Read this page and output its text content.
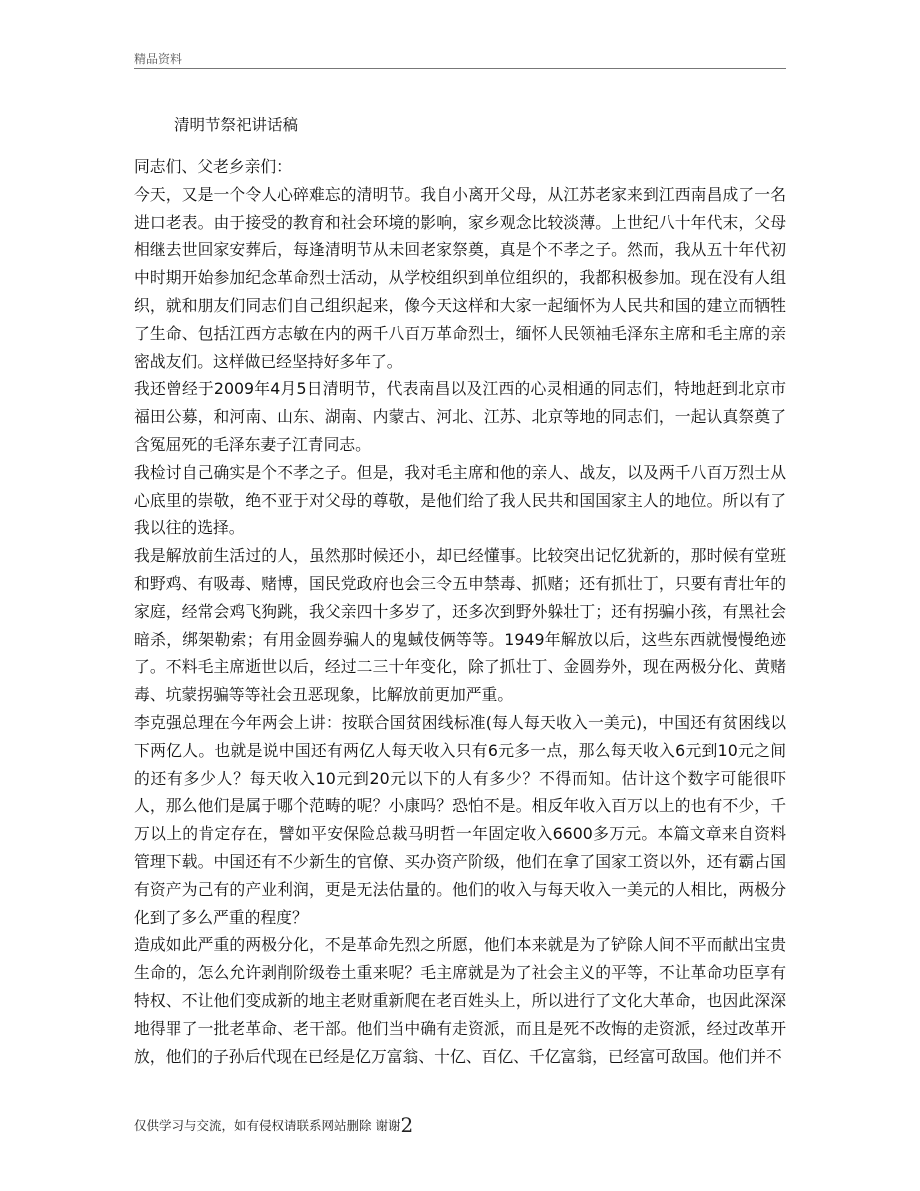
精品资料
清明节祭祀讲话稿

同志们、父老乡亲们：

今天，又是一个令人心碎难忘的清明节。我自小离开父母，从江苏老家来到江西南昌成了一名进口老表。由于接受的教育和社会环境的影响，家乡观念比较淡薄。上世纪八十年代末，父母相继去世回家安葬后，每逢清明节从未回老家祭奠，真是个不孝之子。然而，我从五十年代初中时期开始参加纪念革命烈士活动，从学校组织到单位组织的，我都积极参加。现在没有人组织，就和朋友们同志们自己组织起来，像今天这样和大家一起缅怀为人民共和国的建立而牺牲了生命、包括江西方志敏在内的两千八百万革命烈士，缅怀人民领袖毛泽东主席和毛主席的亲密战友们。这样做已经坚持好多年了。

我还曾经于2009年4月5日清明节，代表南昌以及江西的心灵相通的同志们，特地赶到北京市福田公募，和河南、山东、湖南、内蒙古、河北、江苏、北京等地的同志们，一起认真祭奠了含冤屈死的毛泽东妻子江青同志。

我检讨自己确实是个不孝之子。但是，我对毛主席和他的亲人、战友，以及两千八百万烈士从心底里的崇敬，绝不亚于对父母的尊敬，是他们给了我人民共和国国家主人的地位。所以有了我以往的选择。

我是解放前生活过的人，虽然那时候还小，却已经懂事。比较突出记忆犹新的，那时候有堂班和野鸡、有吸毒、赌博，国民党政府也会三令五申禁毒、抓赌；还有抓壮丁，只要有青壮年的家庭，经常会鸡飞狗跳，我父亲四十多岁了，还多次到野外躲壮丁；还有拐骗小孩，有黑社会暗杀，绑架勒索；有用金圆券骗人的鬼蜮伎俩等等。1949年解放以后，这些东西就慢慢绝迹了。不料毛主席逝世以后，经过二三十年变化，除了抓壮丁、金圆券外，现在两极分化、黄赌毒、坑蒙拐骗等等社会丑恶现象，比解放前更加严重。

李克强总理在今年两会上讲：按联合国贫困线标准(每人每天收入一美元)，中国还有贫困线以下两亿人。也就是说中国还有两亿人每天收入只有6元多一点，那么每天收入6元到10元之间的还有多少人？每天收入10元到20元以下的人有多少？不得而知。估计这个数字可能很吓人，那么他们是属于哪个范畴的呢？小康吗？恐怕不是。相反年收入百万以上的也有不少，千万以上的肯定存在，譬如平安保险总裁马明哲一年固定收入6600多万元。本篇文章来自资料管理下载。中国还有不少新生的官僚、买办资产阶级，他们在拿了国家工资以外，还有霸占国有资产为己有的产业利润，更是无法估量的。他们的收入与每天收入一美元的人相比，两极分化到了多么严重的程度？

造成如此严重的两极分化，不是革命先烈之所愿，他们本来就是为了铲除人间不平而献出宝贵生命的，怎么允许剥削阶级卷土重来呢？毛主席就是为了社会主义的平等，不让革命功臣享有特权、不让他们变成新的地主老财重新爬在老百姓头上，所以进行了文化大革命，也因此深深地得罪了一批老革命、老干部。他们当中确有走资派，而且是死不改悔的走资派，经过改革开放，他们的子孙后代现在已经是亿万富翁、十亿、百亿、千亿富翁，已经富可敌国。他们并不

仅供学习与交流，如有侵权请联系网站删除 谢谢2
